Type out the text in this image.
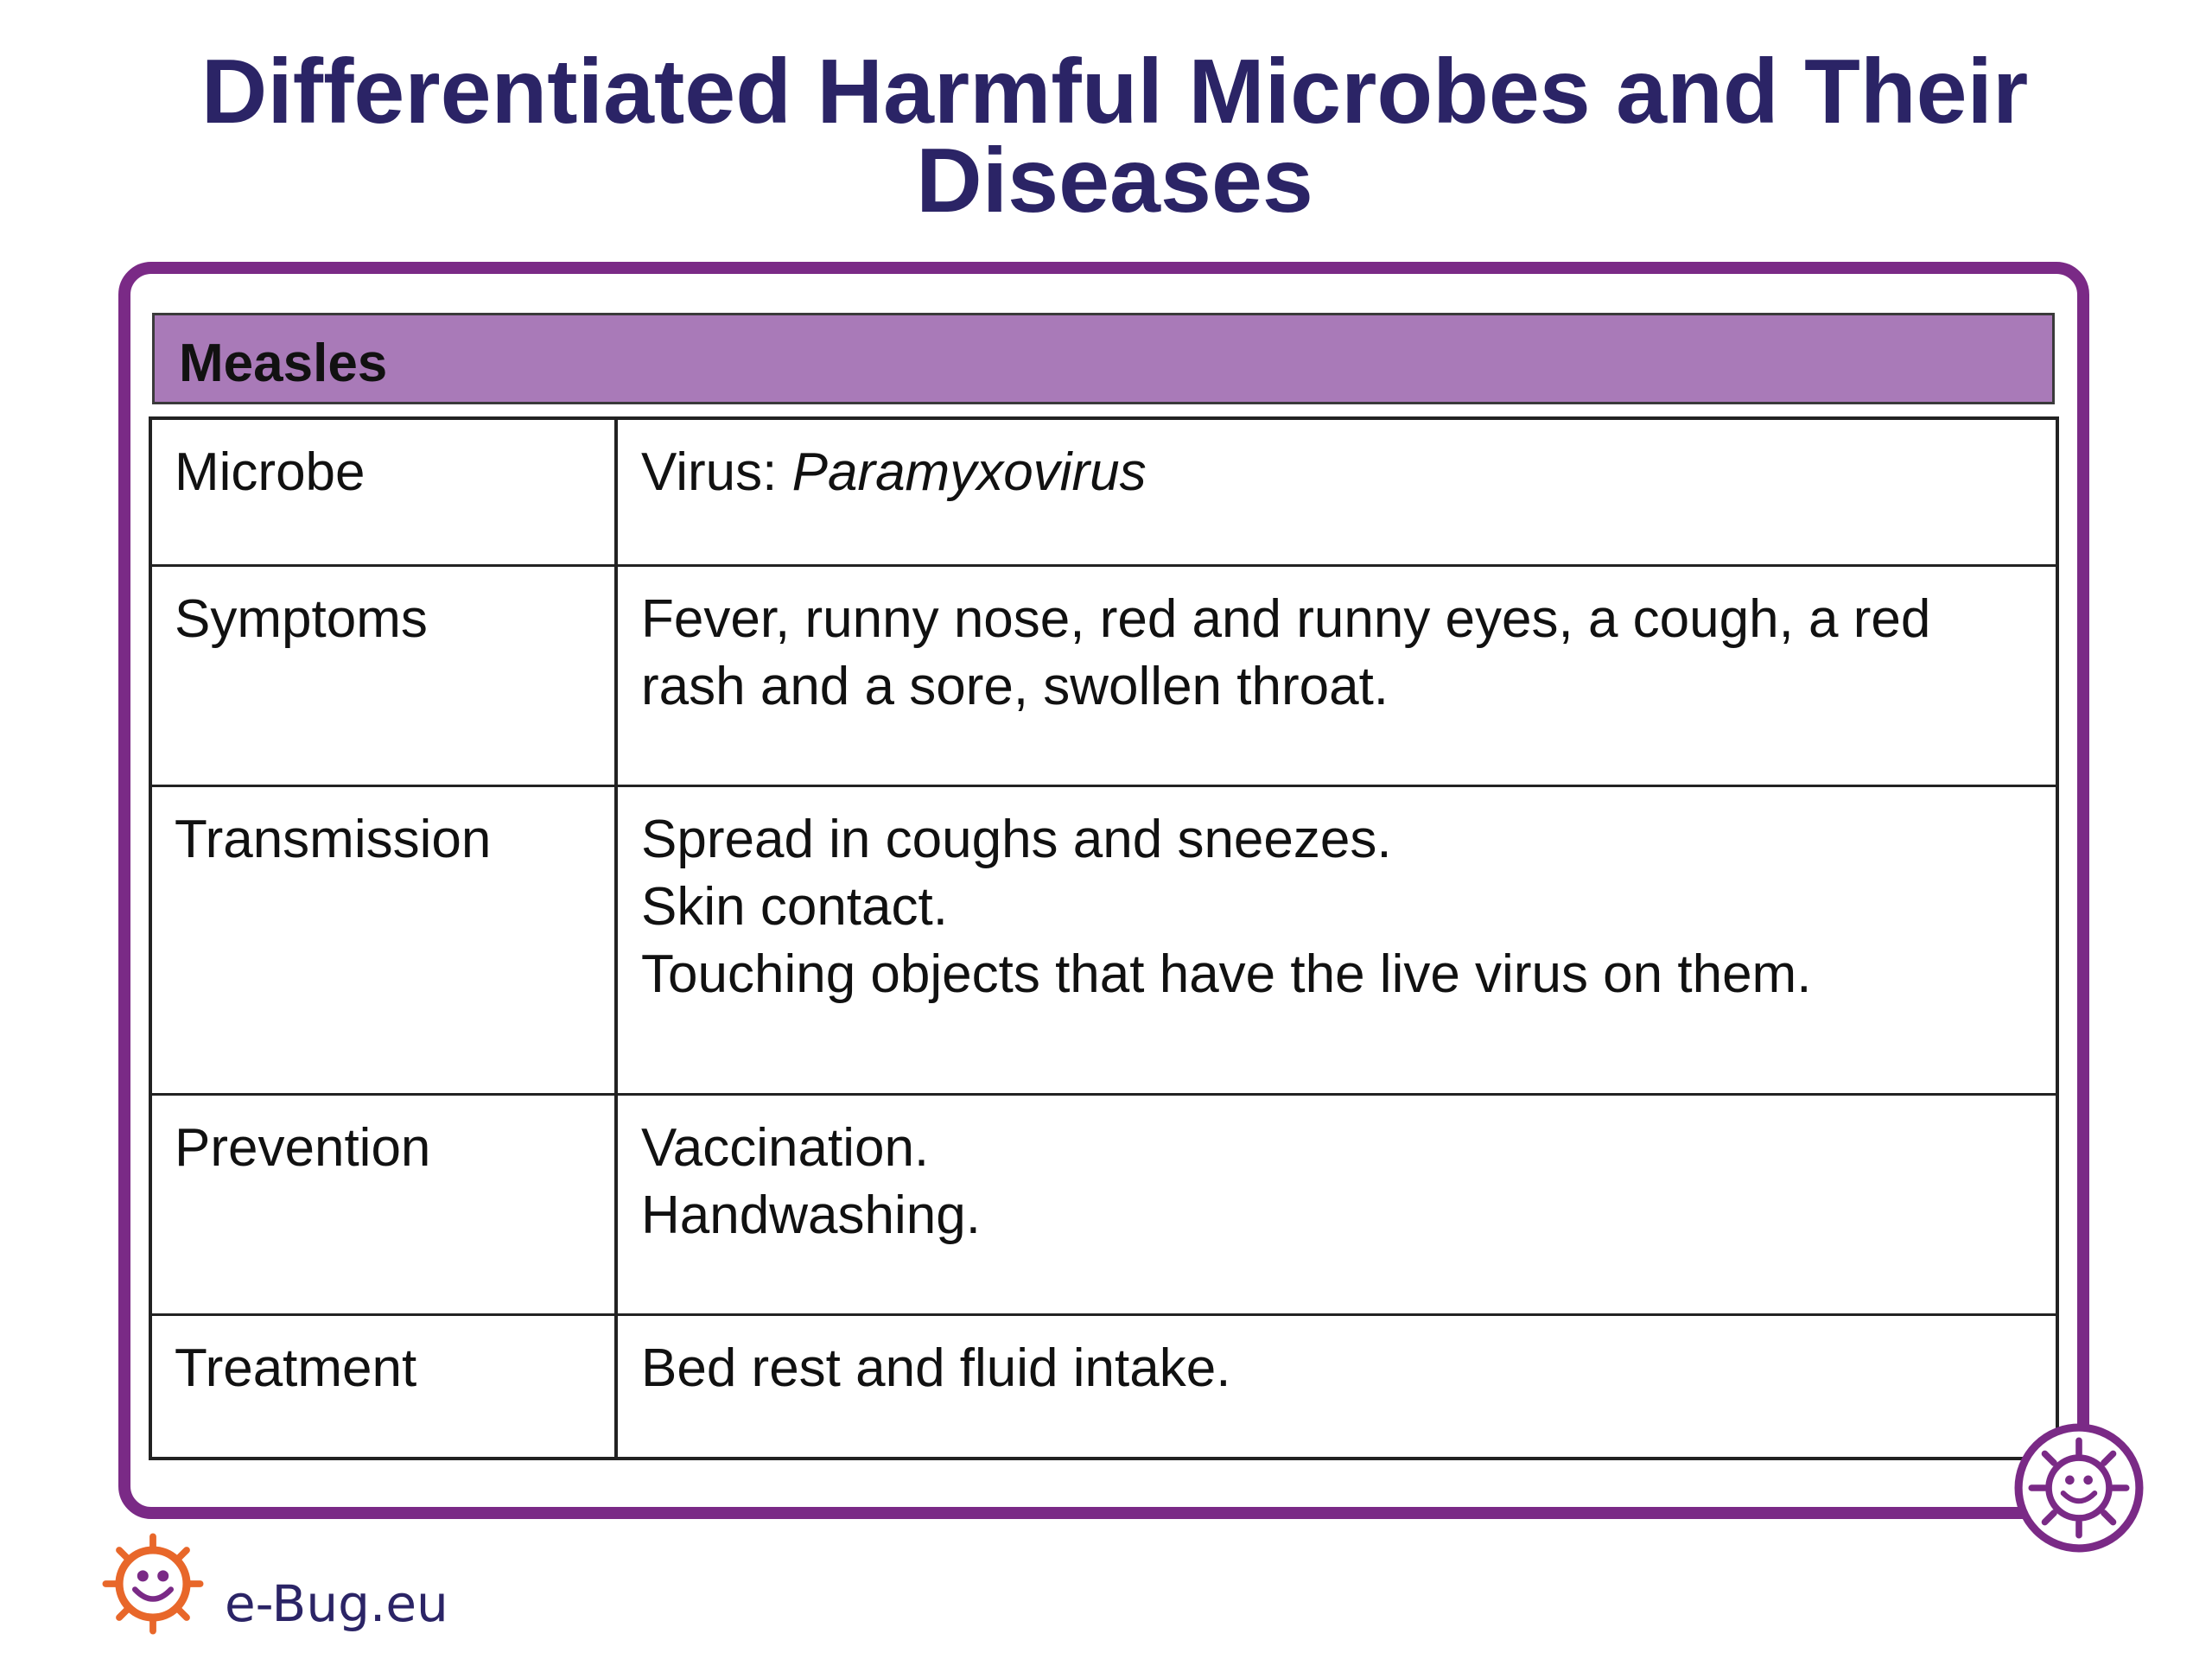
Differentiated Harmful Microbes and Their
Diseases
Measles
Microbe	Virus: Paramyxovirus
Symptoms	Fever, runny nose, red and runny eyes, a cough, a red
rash and a sore, swollen throat.
Transmission	Spread in coughs and sneezes.
Skin contact.
Touching objects that have the live virus on them.
Prevention	Vaccination.
Handwashing.
Treatment	Bed rest and fluid intake.
e-Bug.eu
